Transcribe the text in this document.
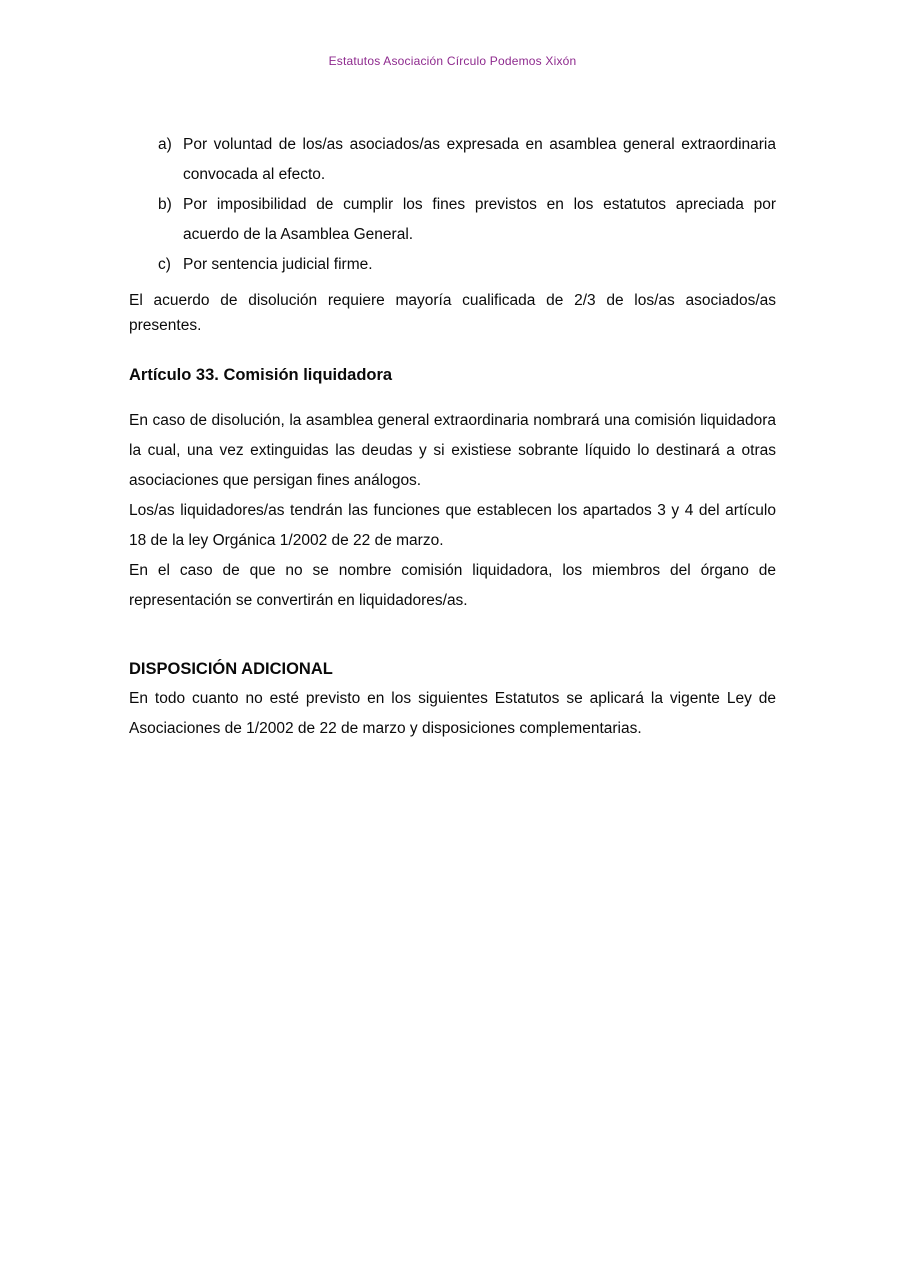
Estatutos Asociación Círculo Podemos Xixón
a) Por voluntad de los/as asociados/as expresada en asamblea general extraordinaria convocada al efecto.
b) Por imposibilidad de cumplir los fines previstos en los estatutos apreciada por acuerdo de la Asamblea General.
c) Por sentencia judicial firme.

El acuerdo de disolución requiere mayoría cualificada de 2/3 de los/as asociados/as presentes.

Artículo 33. Comisión liquidadora

En caso de disolución, la asamblea general extraordinaria nombrará una comisión liquidadora la cual, una vez extinguidas las deudas y si existiese sobrante líquido lo destinará a otras asociaciones que persigan fines análogos.

Los/as liquidadores/as tendrán las funciones que establecen los apartados 3 y 4 del artículo 18 de la ley Orgánica 1/2002 de 22 de marzo.

En el caso de que no se nombre comisión liquidadora, los miembros del órgano de representación se convertirán en liquidadores/as.

DISPOSICIÓN ADICIONAL

En todo cuanto no esté previsto en los siguientes Estatutos se aplicará la vigente Ley de Asociaciones de 1/2002 de 22 de marzo y disposiciones complementarias.
